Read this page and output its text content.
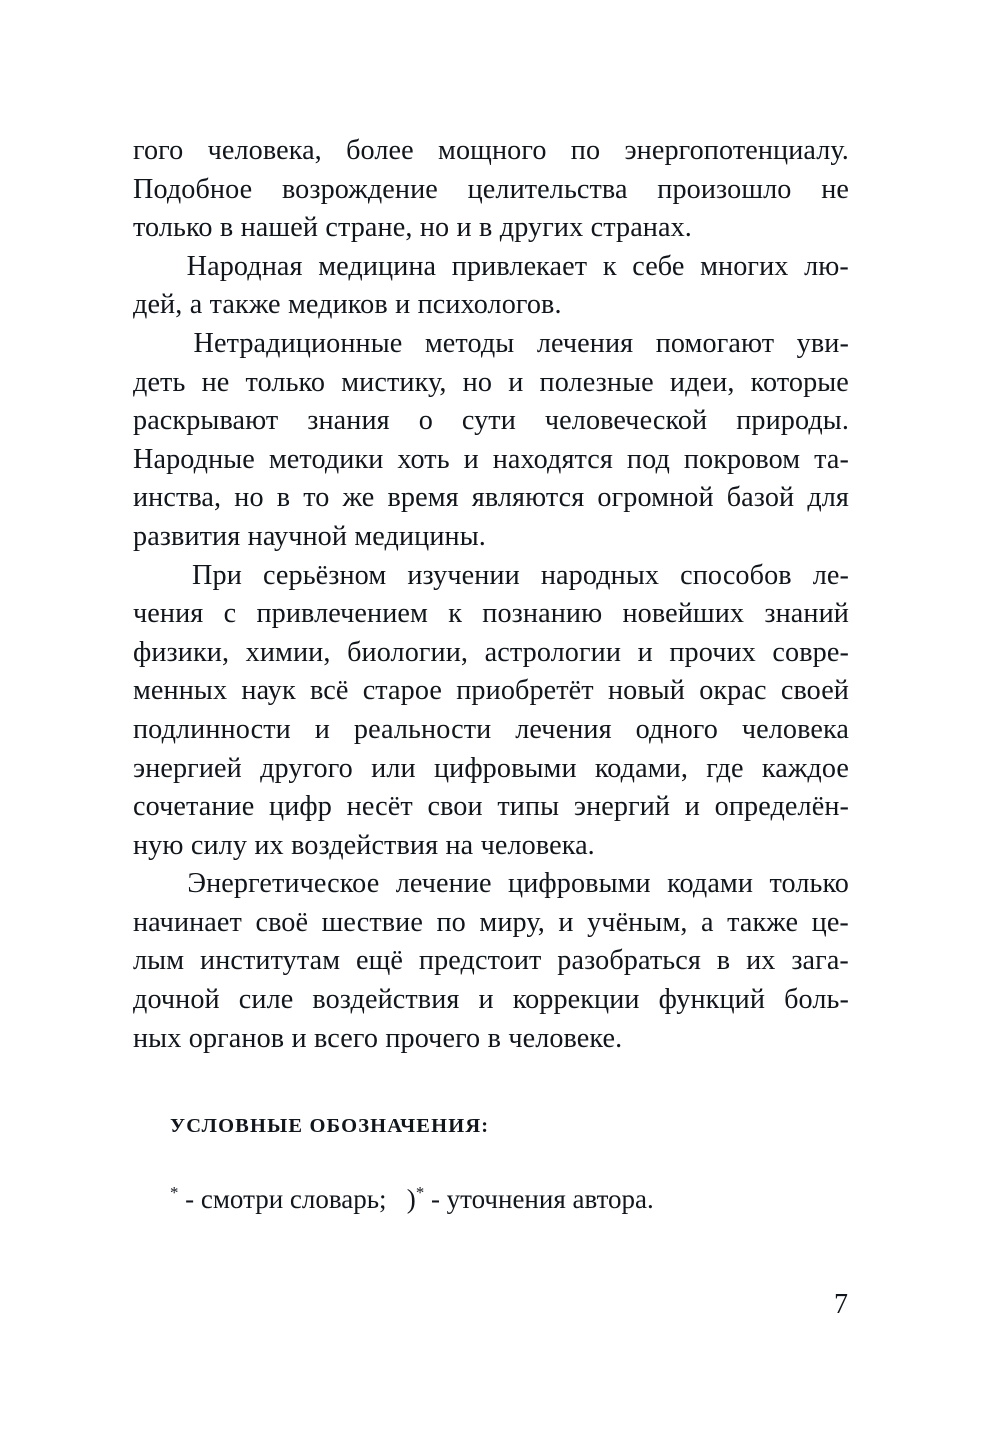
гого человека, более мощного по энергопотенциалу.
Подобное возрождение целительства произошло не
только в нашей стране, но и в других странах.
Народная медицина привлекает к себе многих лю-
дей, а также медиков и психологов.
Нетрадиционные методы лечения помогают уви-
деть не только мистику, но и полезные идеи, которые
раскрывают знания о сути человеческой природы.
Народные методики хоть и находятся под покровом та-
инства, но в то же время являются огромной базой для
развития научной медицины.
При серьёзном изучении народных способов ле-
чения с привлечением к познанию новейших знаний
физики, химии, биологии, астрологии и прочих совре-
менных наук всё старое приобретёт новый окрас своей
подлинности и реальности лечения одного человека
энергией другого или цифровыми кодами, где каждое
сочетание цифр несёт свои типы энергий и определён-
ную силу их воздействия на человека.
Энергетическое лечение цифровыми кодами только
начинает своё шествие по миру, и учёным, а также це-
лым институтам ещё предстоит разобраться в их зага-
дочной силе воздействия и коррекции функций боль-
ных органов и всего прочего в человеке.
УСЛОВНЫЕ ОБОЗНАЧЕНИЯ:
* - смотри словарь;   )* - уточнения автора.
7
